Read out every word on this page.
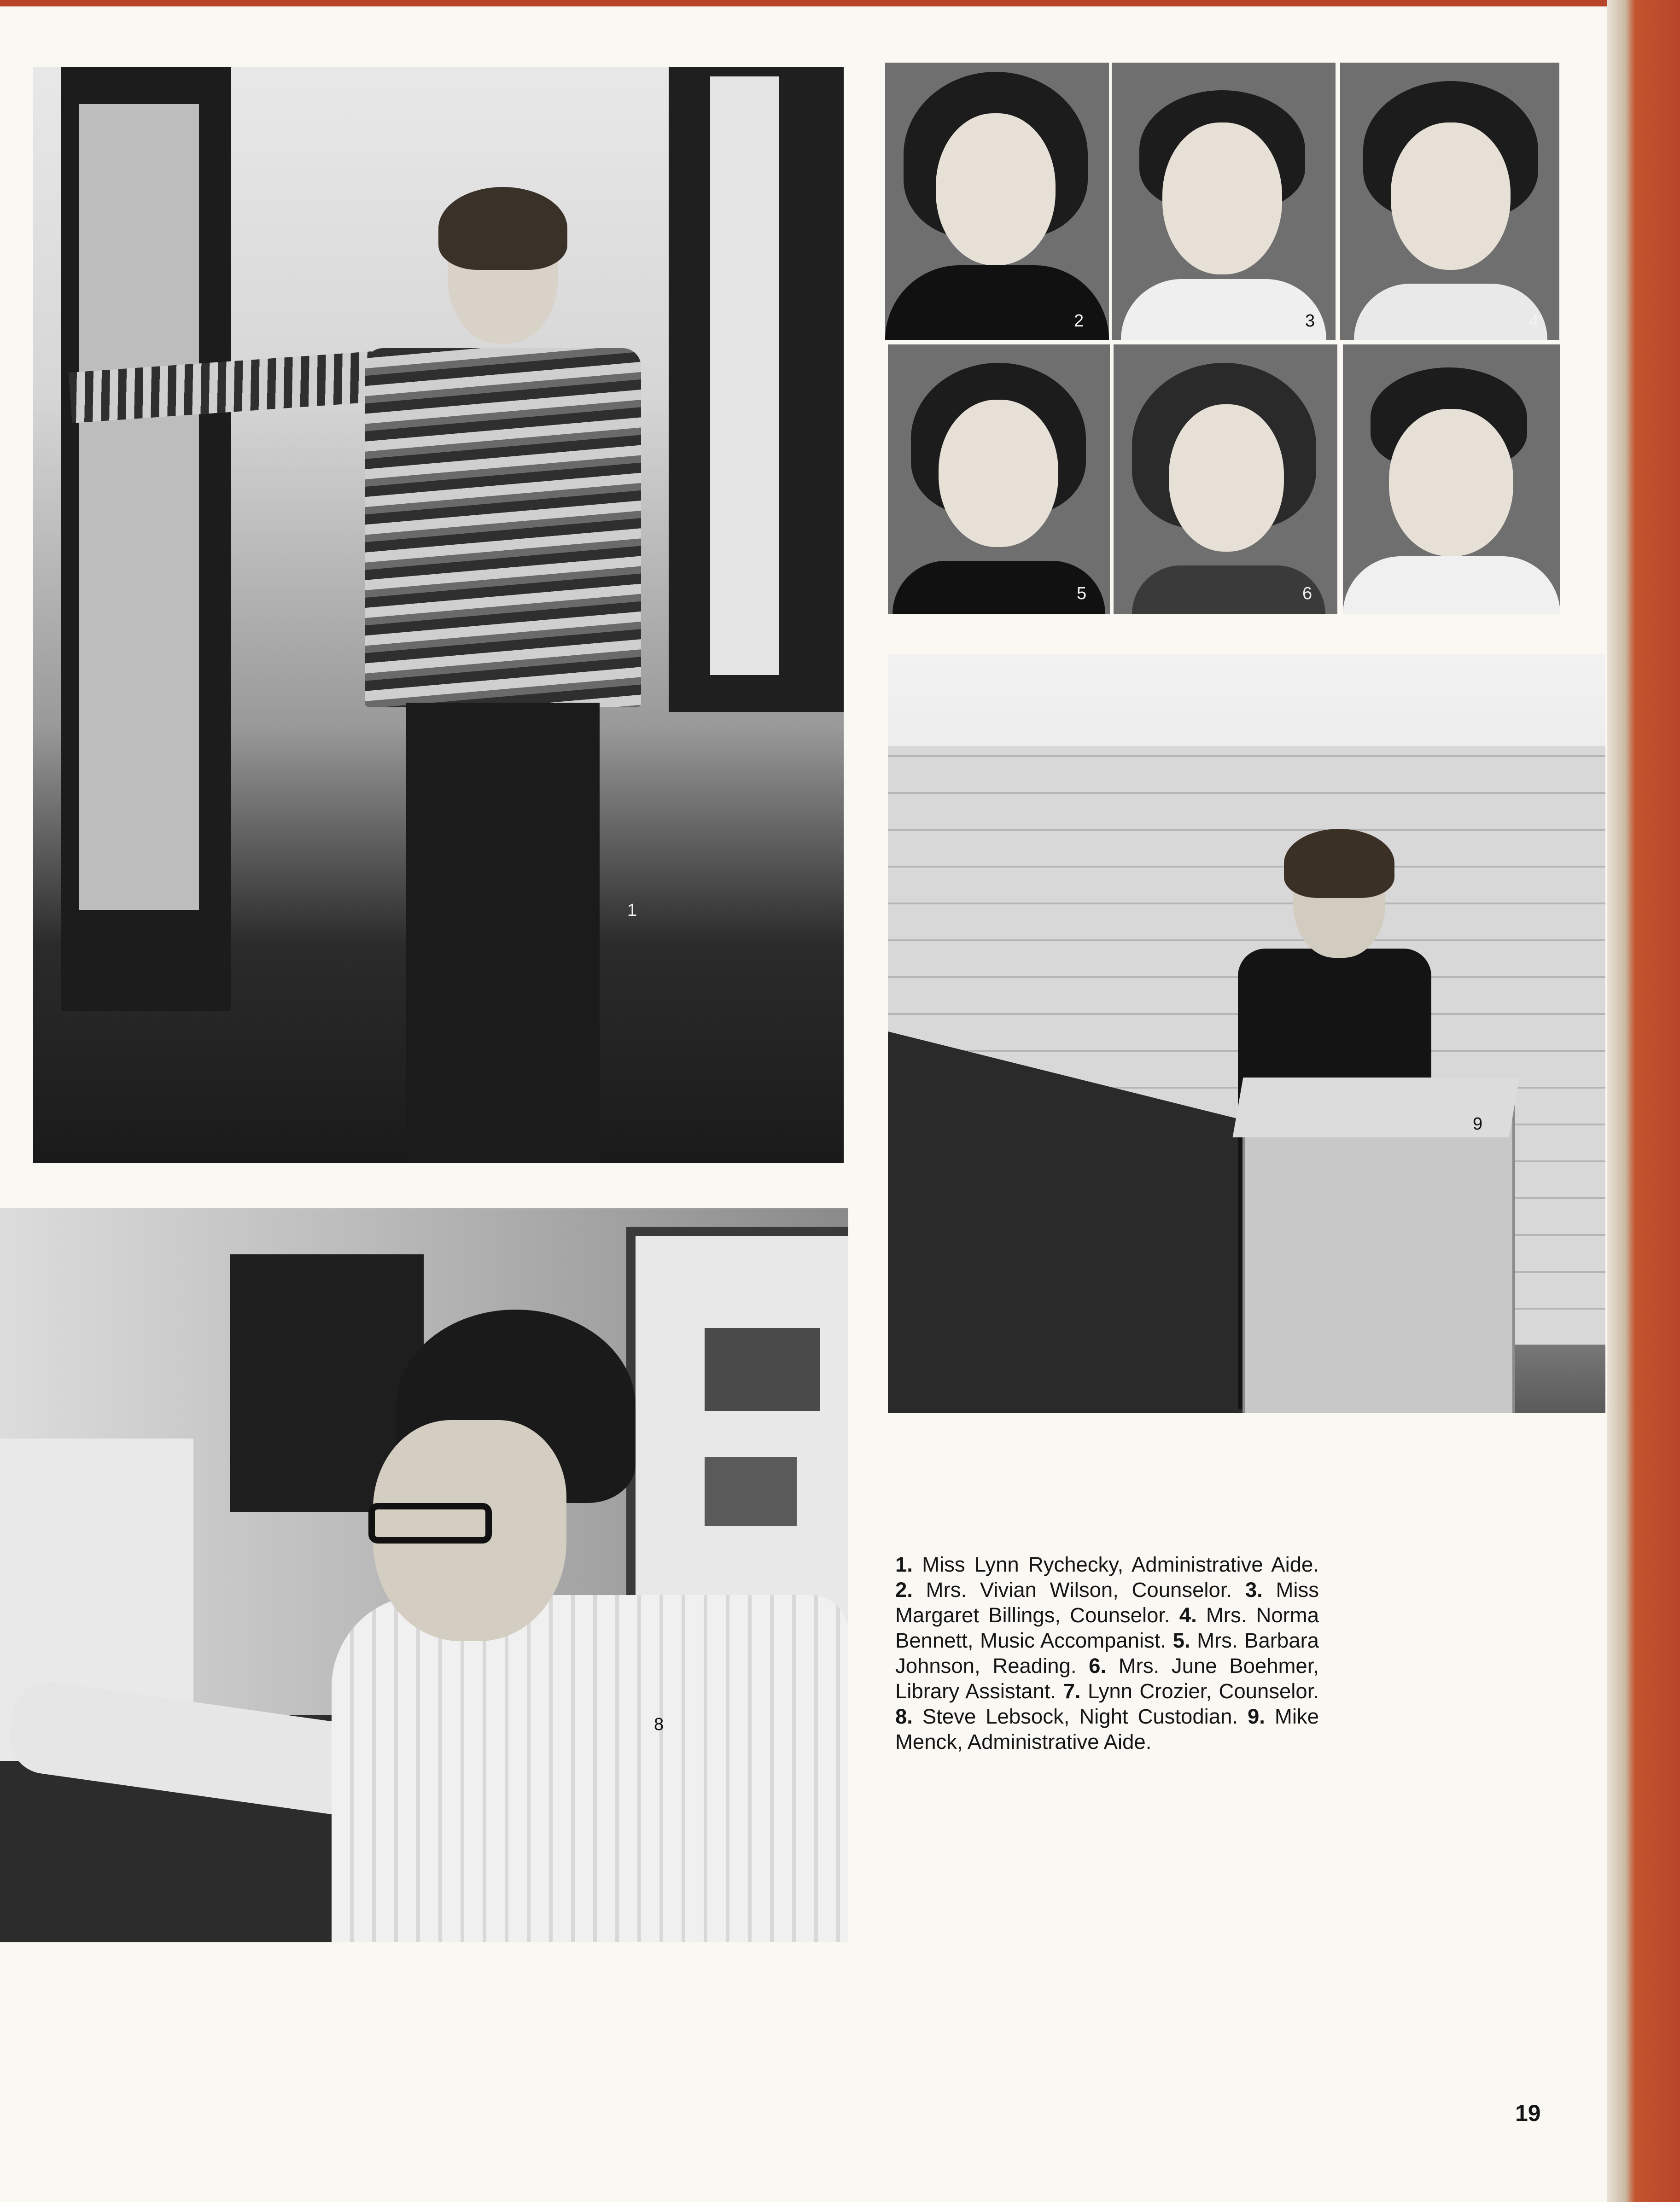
1
2	3	4
5	6	7
9
8
1. Miss Lynn Rychecky, Administrative Aide. 2. Mrs. Vivian Wilson, Counselor. 3. Miss Margaret Billings, Counselor. 4. Mrs. Norma Bennett, Music Accompanist. 5. Mrs. Barbara Johnson, Reading. 6. Mrs. June Boehmer, Library Assistant. 7. Lynn Crozier, Counselor. 8. Steve Lebsock, Night Custodian. 9. Mike Menck, Administrative Aide.
19
